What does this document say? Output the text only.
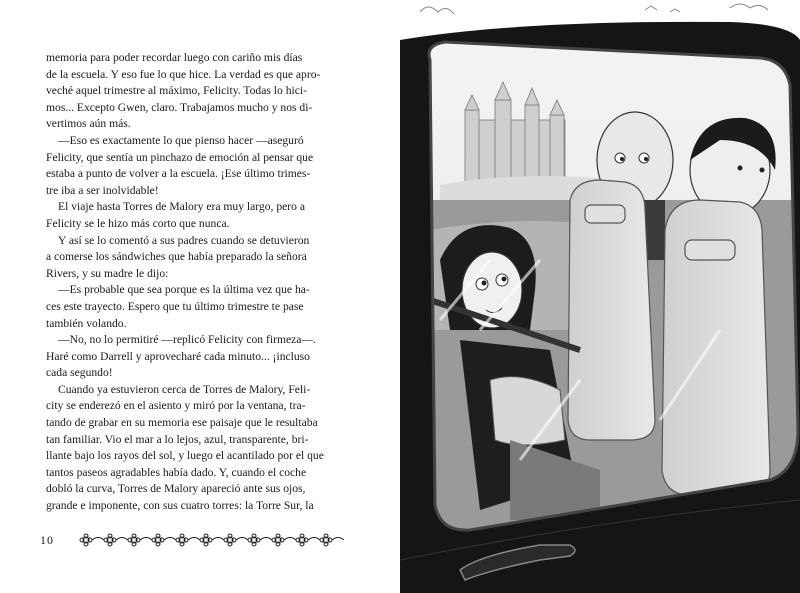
memoria para poder recordar luego con cariño mis días
de la escuela. Y eso fue lo que hice. La verdad es que apro-
veché aquel trimestre al máximo, Felicity. Todas lo hici-
mos... Excepto Gwen, claro. Trabajamos mucho y nos di-
vertimos aún más.
—Eso es exactamente lo que pienso hacer —aseguró
Felicity, que sentía un pinchazo de emoción al pensar que
estaba a punto de volver a la escuela. ¡Ese último trimes-
tre iba a ser inolvidable!
El viaje hasta Torres de Malory era muy largo, pero a
Felicity se le hizo más corto que nunca.
Y así se lo comentó a sus padres cuando se detuvieron
a comerse los sándwiches que había preparado la señora
Rivers, y su madre le dijo:
—Es probable que sea porque es la última vez que ha-
ces este trayecto. Espero que tu último trimestre te pase
también volando.
—No, no lo permitiré —replicó Felicity con firmeza—.
Haré como Darrell y aprovecharé cada minuto... ¡incluso
cada segundo!
Cuando ya estuvieron cerca de Torres de Malory, Feli-
city se enderezó en el asiento y miró por la ventana, tra-
tando de grabar en su memoria ese paisaje que le resultaba
tan familiar. Vio el mar a lo lejos, azul, transparente, bri-
llante bajo los rayos del sol, y luego el acantilado por el que
tantos paseos agradables había dado. Y, cuando el coche
dobló la curva, Torres de Malory apareció ante sus ojos,
grande e imponente, con sus cuatro torres: la Torre Sur, la
10
